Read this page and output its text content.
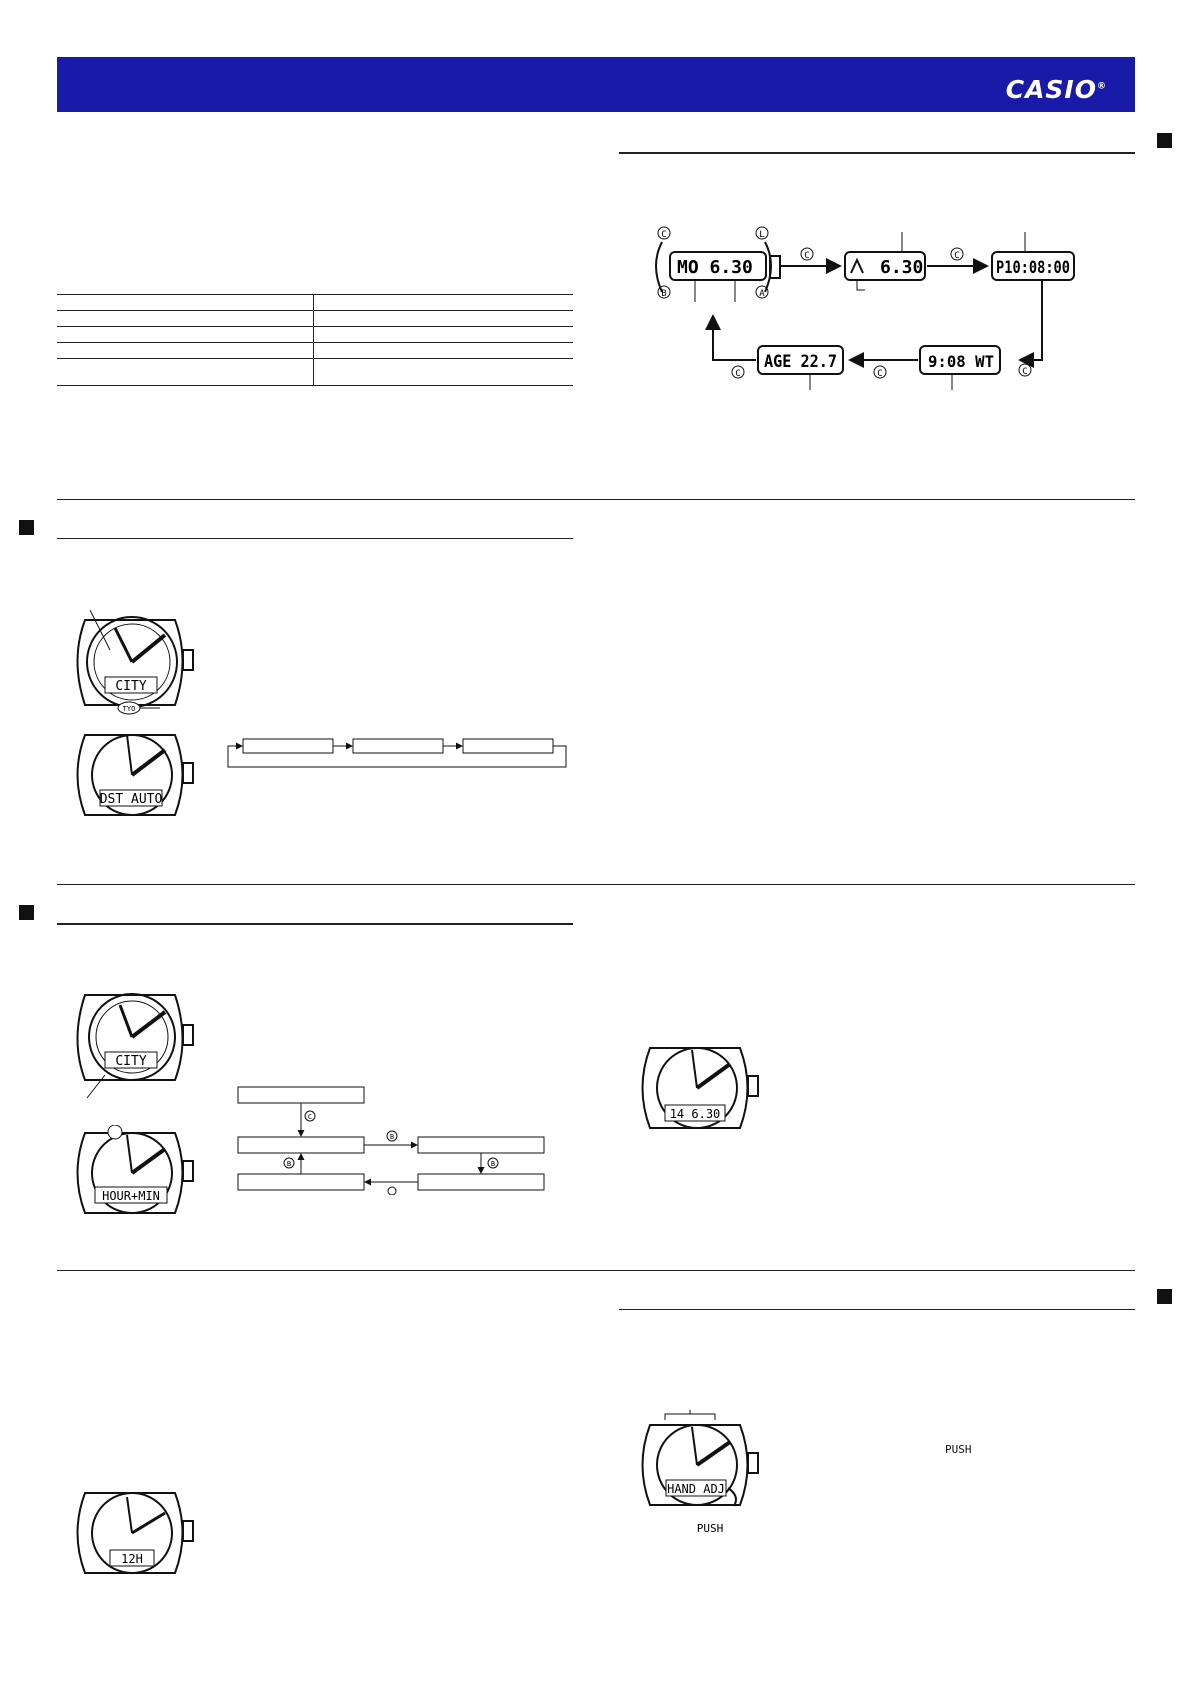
CASIO®

C	L
B	A
MO 6.30
C
6.30
C
P10:08:00
C
9:08 WT
C
AGE 22.7
C
CITY
TYO
DST AUTO
CITY
HOUR+MIN
C
B
B
B
14 6.30
12H
HAND ADJ
PUSH
PUSH
